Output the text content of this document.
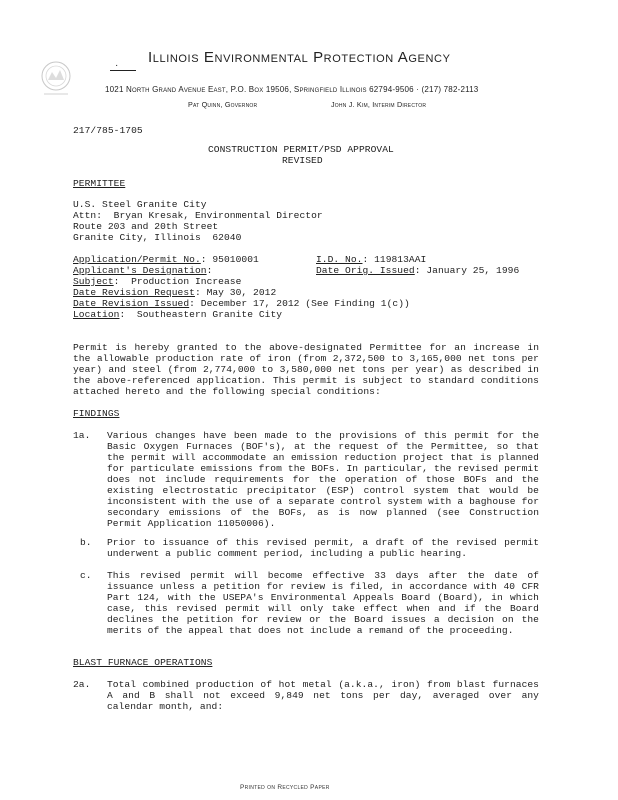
· Illinois Environmental Protection Agency
1021 North Grand Avenue East, P.O. Box 19506, Springfield Illinois 62794-9506 · (217) 782-2113
Pat Quinn, Governor	John J. Kim, Interim Director
217/785-1705
CONSTRUCTION PERMIT/PSD APPROVAL
REVISED
PERMITTEE
U.S. Steel Granite City
Attn:  Bryan Kresak, Environmental Director
Route 203 and 20th Street
Granite City, Illinois  62040
Application/Permit No.: 95010001	I.D. No.: 119813AAI
Applicant's Designation:	Date Orig. Issued: January 25, 1996
Subject:  Production Increase
Date Revision Request: May 30, 2012
Date Revision Issued: December 17, 2012 (See Finding 1(c))
Location:  Southeastern Granite City
Permit is hereby granted to the above-designated Permittee for an increase in the allowable production rate of iron (from 2,372,500 to 3,165,000 net tons per year) and steel (from 2,774,000 to 3,580,000 net tons per year) as described in the above-referenced application. This permit is subject to standard conditions attached hereto and the following special conditions:
FINDINGS
1a.	Various changes have been made to the provisions of this permit for the Basic Oxygen Furnaces (BOF's), at the request of the Permittee, so that the permit will accommodate an emission reduction project that is planned for particulate emissions from the BOFs. In particular, the revised permit does not include requirements for the operation of those BOFs and the existing electrostatic precipitator (ESP) control system that would be inconsistent with the use of a separate control system with a baghouse for secondary emissions of the BOFs, as is now planned (see Construction Permit Application 11050006).
b.	Prior to issuance of this revised permit, a draft of the revised permit underwent a public comment period, including a public hearing.
c.	This revised permit will become effective 33 days after the date of issuance unless a petition for review is filed, in accordance with 40 CFR Part 124, with the USEPA's Environmental Appeals Board (Board), in which case, this revised permit will only take effect when and if the Board declines the petition for review or the Board issues a decision on the merits of the appeal that does not include a remand of the proceeding.
BLAST FURNACE OPERATIONS
2a.	Total combined production of hot metal (a.k.a., iron) from blast furnaces A and B shall not exceed 9,849 net tons per day, averaged over any calendar month, and:
Printed on Recycled Paper
